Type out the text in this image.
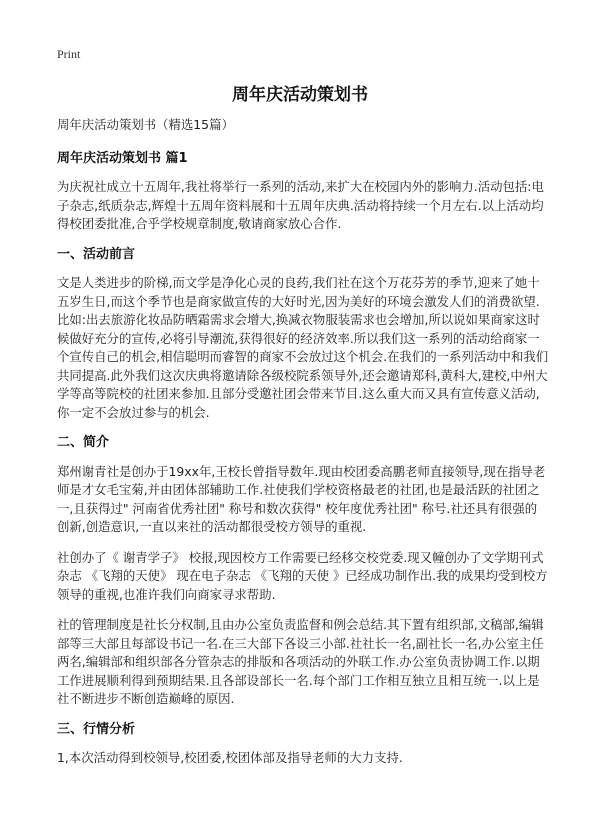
Print
周年庆活动策划书

周年庆活动策划书（精选15篇）

周年庆活动策划书 篇1

为庆祝社成立十五周年,我社将举行一系列的活动,来扩大在校园内外的影响力.活动包括:电子杂志,纸质杂志,辉煌十五周年资料展和十五周年庆典.活动将持续一个月左右.以上活动均得校团委批准,合乎学校规章制度,敬请商家放心合作.

一、活动前言

文是人类进步的阶梯,而文学是净化心灵的良药,我们社在这个万花芬芳的季节,迎来了她十五岁生日,而这个季节也是商家做宣传的大好时光,因为美好的环境会激发人们的消费欲望.比如:出去旅游化妆品防晒霜需求会增大,换减衣物服装需求也会增加,所以说如果商家这时候做好充分的宣传,必将引导潮流,获得很好的经济效率.所以我们这一系列的活动给商家一个宣传自己的机会,相信聪明而睿智的商家不会放过这个机会.在我们的一系列活动中和我们共同提高.此外我们这次庆典将邀请除各级校院系领导外,还会邀请郑科,黄科大,建校,中州大学等高等院校的社团来参加.且部分受邀社团会带来节目.这么重大而又具有宣传意义活动,你一定不会放过参与的机会.

二、简介

郑州谢青社是创办于19xx年,王校长曾指导数年.现由校团委高鹏老师直接领导,现在指导老师是才女毛宝菊,并由团体部辅助工作.社使我们学校资格最老的社团,也是最活跃的社团之一,且获得过" 河南省优秀社团" 称号和数次获得" 校年度优秀社团" 称号.社还具有很强的创新,创造意识,一直以来社的活动都很受校方领导的重视.

社创办了《 谢青学子》 校报,现因校方工作需要已经移交校党委.现又幢创办了文学期刊式杂志 《飞翔的天使》 现在电子杂志 《飞翔的天使 》已经成功制作出.我的成果均受到校方领导的重视,也准许我们向商家寻求帮助.

社的管理制度是社长分权制,且由办公室负责监督和例会总结.其下置有组织部,文稿部,编辑部等三大部且每部设书记一名.在三大部下各设三小部.社社长一名,副社长一名,办公室主任两名,编辑部和组织部各分管杂志的排版和各项活动的外联工作.办公室负责协调工作.以期工作进展顺利得到预期结果.且各部设部长一名.每个部门工作相互独立且相互统一.以上是社不断进步不断创造巅峰的原因.

三、行情分析

1,本次活动得到校领导,校团委,校团体部及指导老师的大力支持.
